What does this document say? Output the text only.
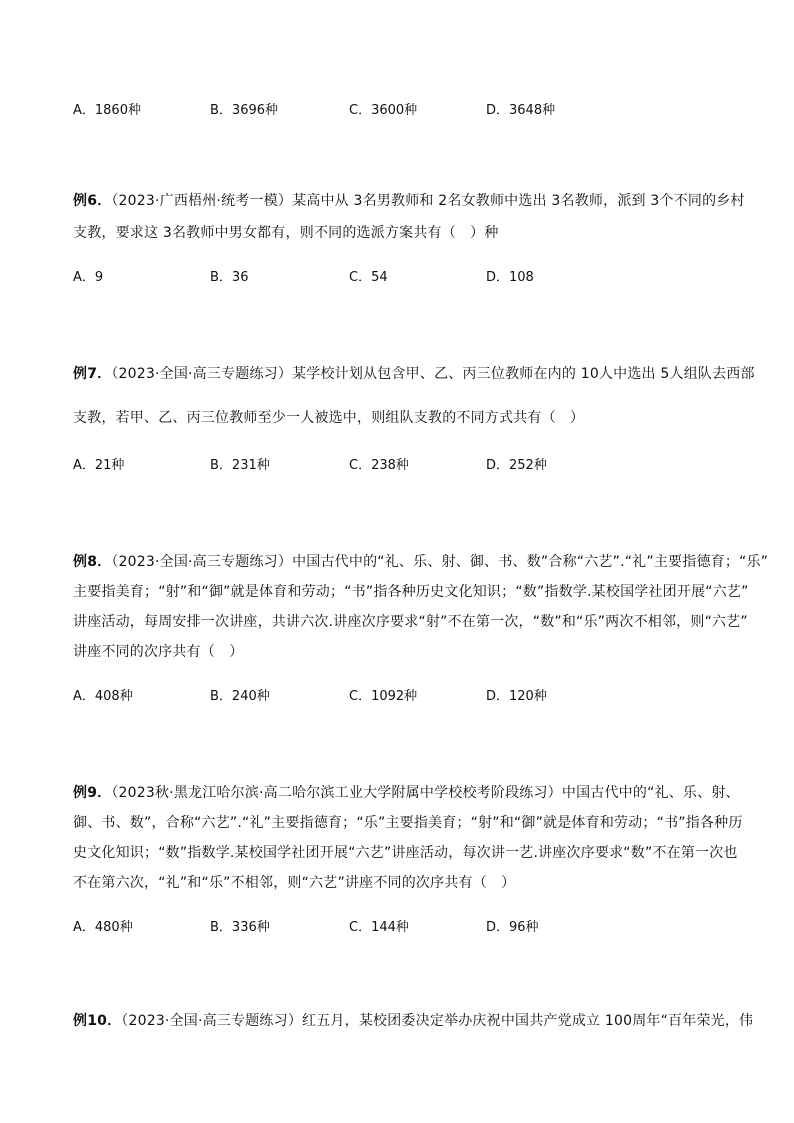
A．1860种	B．3696种	C．3600种	D．3648种
例6．（2023·广西梧州·统考一模）某高中从 3名男教师和 2名女教师中选出 3名教师，派到 3个不同的乡村
支教，要求这 3名教师中男女都有，则不同的选派方案共有（　）种
A．9	B．36	C．54	D．108
例7．（2023·全国·高三专题练习）某学校计划从包含甲、乙、丙三位教师在内的 10人中选出 5人组队去西部
支教，若甲、乙、丙三位教师至少一人被选中，则组队支教的不同方式共有（　）
A．21种	B．231种	C．238种	D．252种
例8．（2023·全国·高三专题练习）中国古代中的“礼、乐、射、御、书、数”合称“六艺”.“礼”主要指德育；“乐”
主要指美育；“射”和“御”就是体育和劳动；“书”指各种历史文化知识；“数”指数学.某校国学社团开展“六艺”
讲座活动，每周安排一次讲座，共讲六次.讲座次序要求“射”不在第一次，“数”和“乐”两次不相邻，则“六艺”
讲座不同的次序共有（　）
A．408种	B．240种	C．1092种	D．120种
例9．（2023秋·黑龙江哈尔滨·高二哈尔滨工业大学附属中学校校考阶段练习）中国古代中的“礼、乐、射、
御、书、数”，合称“六艺”.“礼”主要指德育；“乐”主要指美育；“射”和“御”就是体育和劳动；“书”指各种历
史文化知识；“数”指数学.某校国学社团开展“六艺”讲座活动，每次讲一艺.讲座次序要求“数”不在第一次也
不在第六次，“礼”和“乐”不相邻，则“六艺”讲座不同的次序共有（　）
A．480种	B．336种	C．144种	D．96种
例10．（2023·全国·高三专题练习）红五月，某校团委决定举办庆祝中国共产党成立 100周年“百年荣光，伟
